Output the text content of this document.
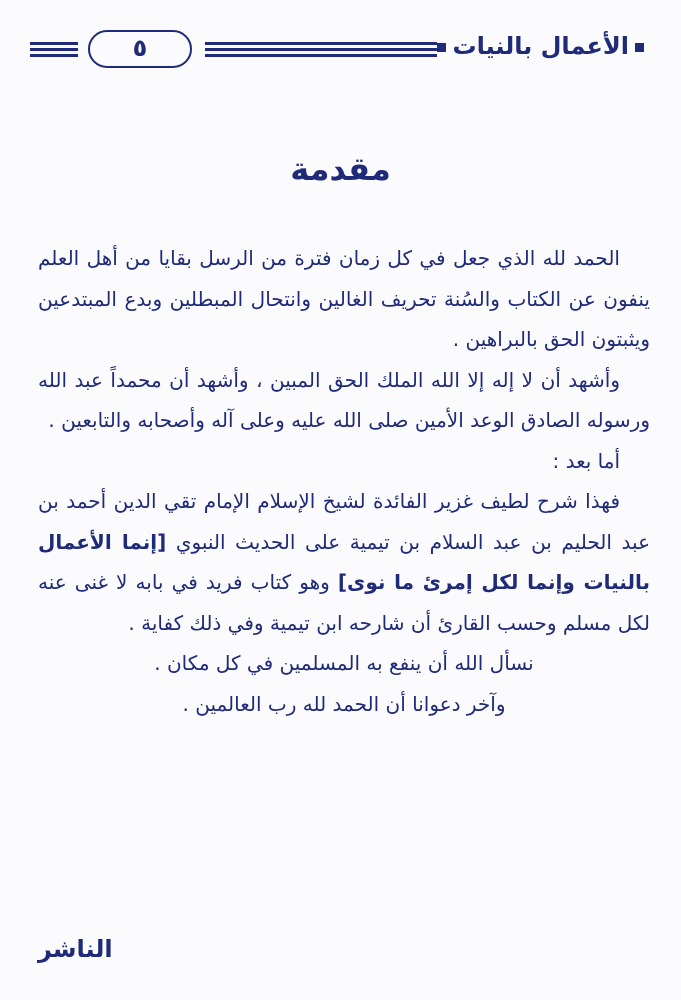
٥	الأعمال بالنيات
مقدمة

الحمد لله الذي جعل في كل زمان فترة من الرسل بقايا من أهل العلم ينفون عن الكتاب والسُنة تحريف الغالين وانتحال المبطلين وبدع المبتدعين ويثبتون الحق بالبراهين .

وأشهد أن لا إله إلا الله الملك الحق المبين ، وأشهد أن محمداً عبد الله ورسوله الصادق الوعد الأمين صلى الله عليه وعلى آله وأصحابه والتابعين .

أما بعد :

فهذا شرح لطيف غزير الفائدة لشيخ الإسلام الإمام تقي الدين أحمد بن عبد الحليم بن عبد السلام بن تيمية على الحديث النبوي [إنما الأعمال بالنيات وإنما لكل إمرئ ما نوى] وهو كتاب فريد في بابه لا غنى عنه لكل مسلم وحسب القارئ أن شارحه ابن تيمية وفي ذلك كفاية .

نسأل الله أن ينفع به المسلمين في كل مكان .

وآخر دعوانا أن الحمد لله رب العالمين .

الناشر
